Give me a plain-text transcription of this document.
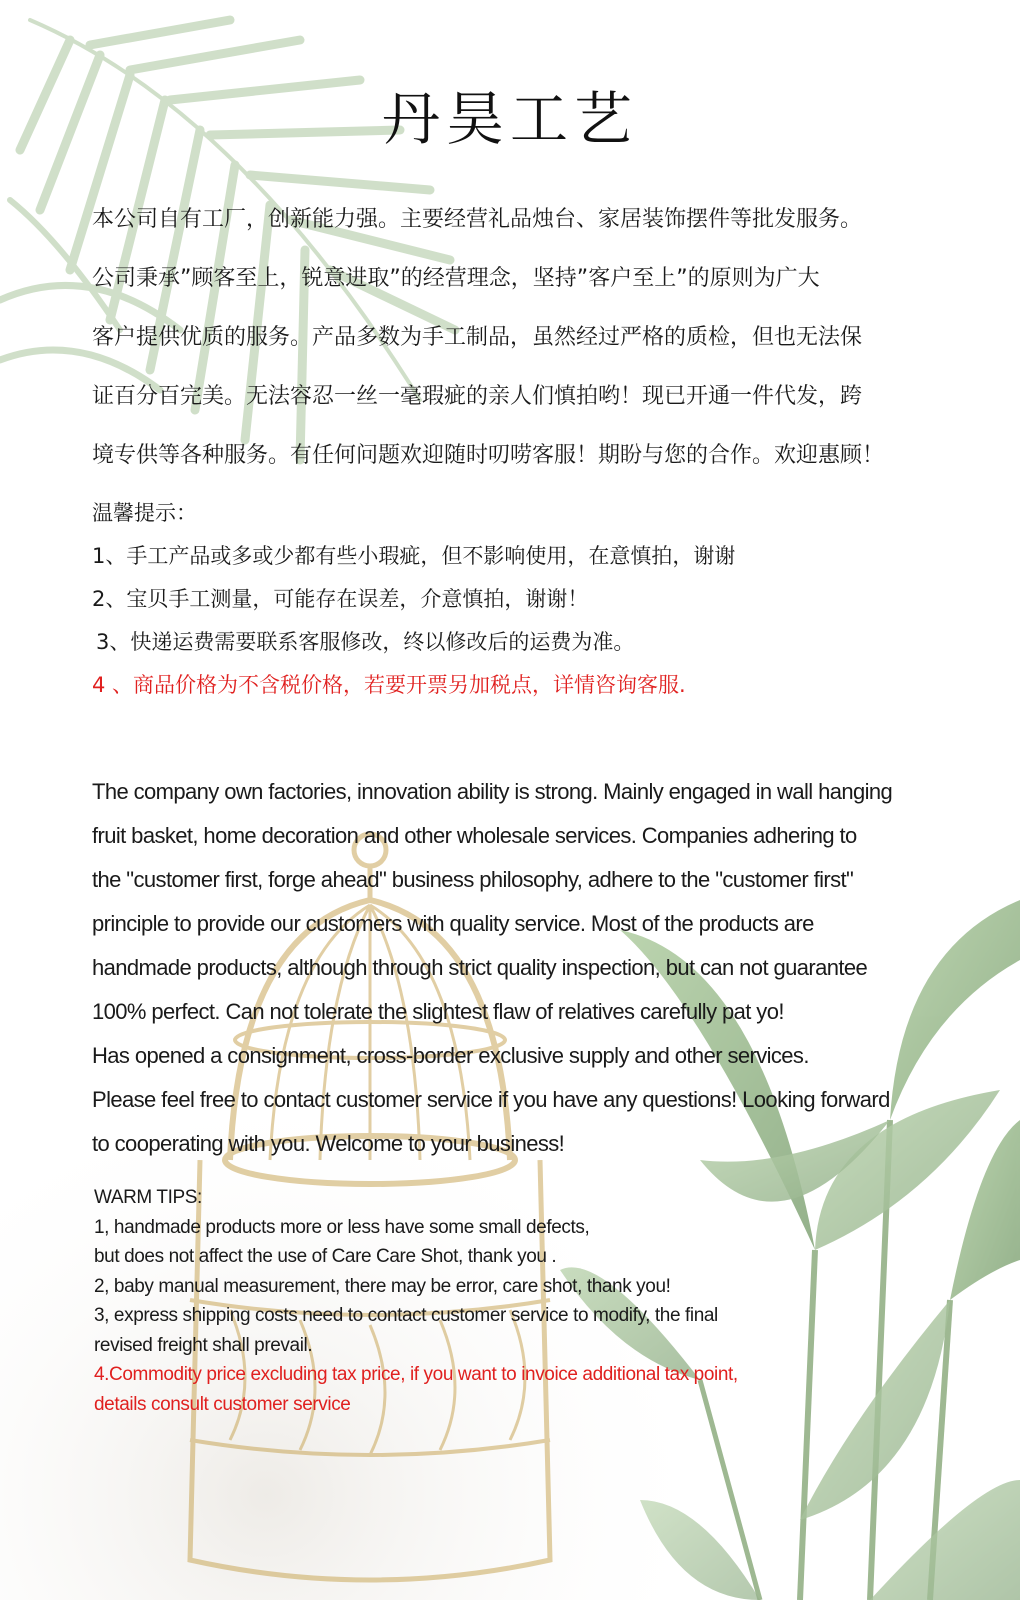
丹昊工艺
本公司自有工厂，创新能力强。主要经营礼品烛台、家居装饰摆件等批发服务。
公司秉承”顾客至上，锐意进取”的经营理念，坚持”客户至上”的原则为广大
客户提供优质的服务。产品多数为手工制品，虽然经过严格的质检，但也无法保
证百分百完美。无法容忍一丝一毫瑕疵的亲人们慎拍哟！现已开通一件代发，跨
境专供等各种服务。有任何问题欢迎随时叨唠客服！期盼与您的合作。欢迎惠顾！
温馨提示：
1、手工产品或多或少都有些小瑕疵，但不影响使用，在意慎拍，谢谢
2、宝贝手工测量，可能存在误差，介意慎拍，谢谢！
3、快递运费需要联系客服修改，终以修改后的运费为准。
4 、商品价格为不含税价格，若要开票另加税点，详情咨询客服.
The company own factories, innovation ability is strong. Mainly engaged in wall hanging
fruit basket, home decoration and other wholesale services. Companies adhering to
the "customer first, forge ahead" business philosophy, adhere to the "customer first"
principle to provide our customers with quality service. Most of the products are
handmade products, although through strict quality inspection, but can not guarantee
100% perfect. Can not tolerate the slightest flaw of relatives carefully pat yo!
Has opened a consignment, cross-border exclusive supply and other services.
Please feel free to contact customer service if you have any questions! Looking forward
to cooperating with you. Welcome to your business!
WARM TIPS:
1, handmade products more or less have some small defects,
but does not affect the use of Care Care Shot, thank you .
2, baby manual measurement, there may be error, care shot, thank you!
3, express shipping costs need to contact customer service to modify, the final
revised freight shall prevail.
4.Commodity price excluding tax price, if you want to invoice additional tax point,
details consult customer service
